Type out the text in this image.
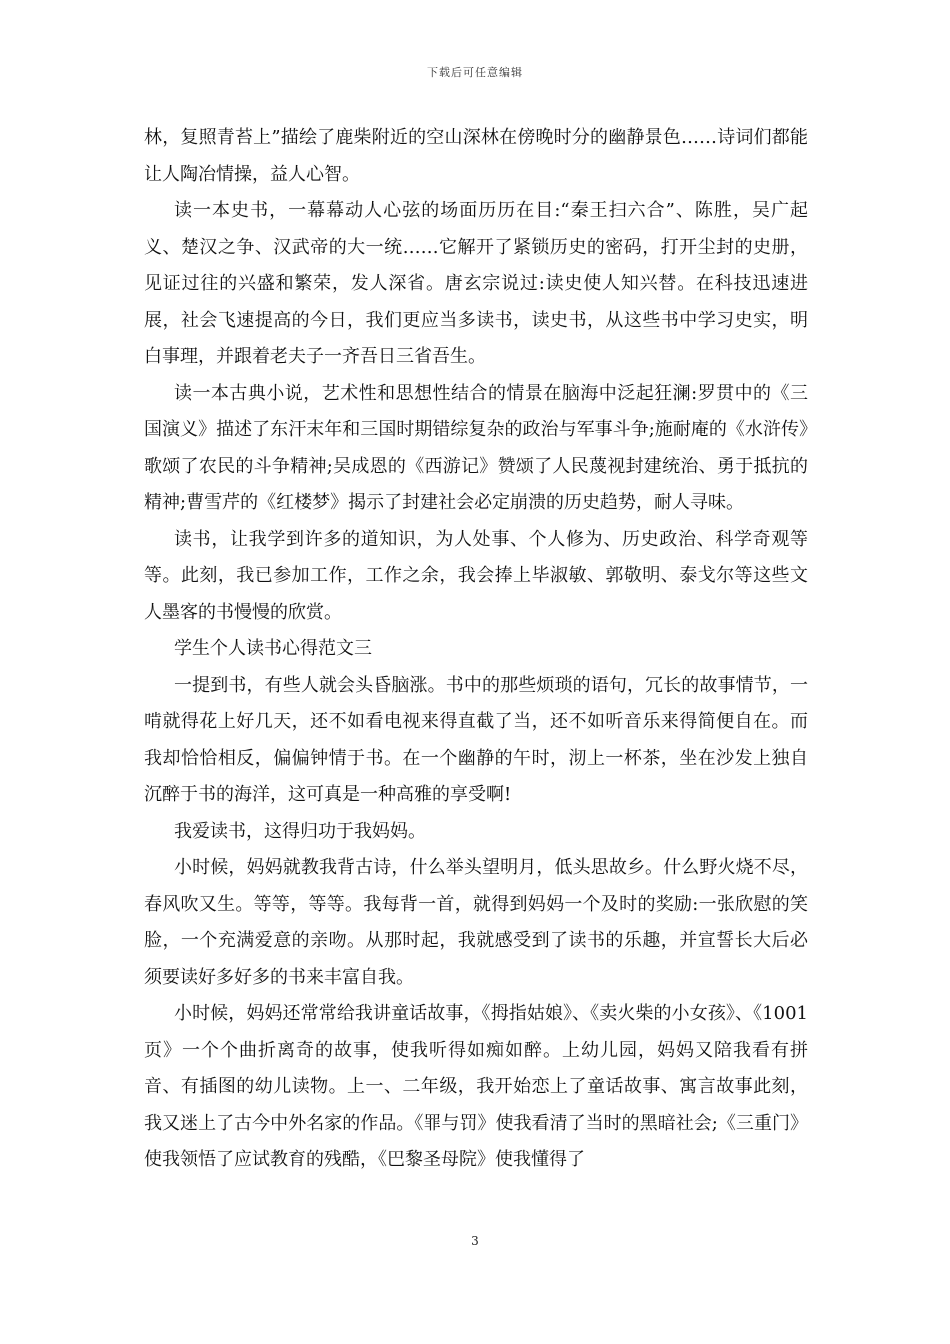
下载后可任意编辑

林，复照青苔上”描绘了鹿柴附近的空山深林在傍晚时分的幽静景色……诗词们都能让人陶冶情操，益人心智。

读一本史书，一幕幕动人心弦的场面历历在目:“秦王扫六合”、陈胜，吴广起义、楚汉之争、汉武帝的大一统……它解开了紧锁历史的密码，打开尘封的史册，见证过往的兴盛和繁荣，发人深省。唐玄宗说过:读史使人知兴替。在科技迅速进展，社会飞速提高的今日，我们更应当多读书，读史书，从这些书中学习史实，明白事理，并跟着老夫子一齐吾日三省吾生。

读一本古典小说，艺术性和思想性结合的情景在脑海中泛起狂澜:罗贯中的《三国演义》描述了东汗末年和三国时期错综复杂的政治与军事斗争;施耐庵的《水浒传》歌颂了农民的斗争精神;吴成恩的《西游记》赞颂了人民蔑视封建统治、勇于抵抗的精神;曹雪芹的《红楼梦》揭示了封建社会必定崩溃的历史趋势，耐人寻味。

读书，让我学到许多的道知识，为人处事、个人修为、历史政治、科学奇观等等。此刻，我已参加工作，工作之余，我会捧上毕淑敏、郭敬明、泰戈尔等这些文人墨客的书慢慢的欣赏。

学生个人读书心得范文三

一提到书，有些人就会头昏脑涨。书中的那些烦琐的语句，冗长的故事情节，一啃就得花上好几天，还不如看电视来得直截了当，还不如听音乐来得简便自在。而我却恰恰相反，偏偏钟情于书。在一个幽静的午时，沏上一杯茶，坐在沙发上独自沉醉于书的海洋，这可真是一种高雅的享受啊!

我爱读书，这得归功于我妈妈。

小时候，妈妈就教我背古诗，什么举头望明月，低头思故乡。什么野火烧不尽，春风吹又生。等等，等等。我每背一首，就得到妈妈一个及时的奖励:一张欣慰的笑脸，一个充满爱意的亲吻。从那时起，我就感受到了读书的乐趣，并宣誓长大后必须要读好多好多的书来丰富自我。

小时候，妈妈还常常给我讲童话故事，《拇指姑娘》、《卖火柴的小女孩》、《1001页》一个个曲折离奇的故事，使我听得如痴如醉。上幼儿园，妈妈又陪我看有拼音、有插图的幼儿读物。上一、二年级，我开始恋上了童话故事、寓言故事此刻，我又迷上了古今中外名家的作品。《罪与罚》使我看清了当时的黑暗社会;《三重门》使我领悟了应试教育的残酷，《巴黎圣母院》使我懂得了

3
